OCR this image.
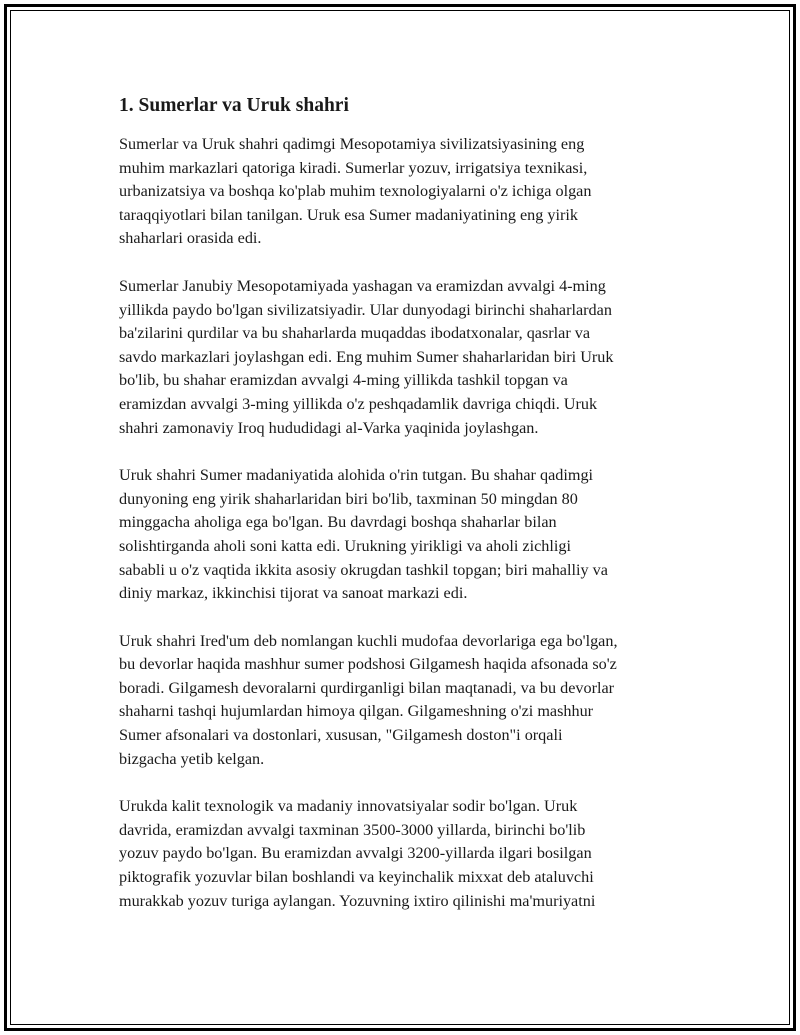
1. Sumerlar va Uruk shahri

Sumerlar va Uruk shahri qadimgi Mesopotamiya sivilizatsiyasining eng
muhim markazlari qatoriga kiradi. Sumerlar yozuv, irrigatsiya texnikasi,
urbanizatsiya va boshqa ko'plab muhim texnologiyalarni o'z ichiga olgan
taraqqiyotlari bilan tanilgan. Uruk esa Sumer madaniyatining eng yirik
shaharlari orasida edi.

Sumerlar Janubiy Mesopotamiyada yashagan va eramizdan avvalgi 4-ming
yillikda paydo bo'lgan sivilizatsiyadir. Ular dunyodagi birinchi shaharlardan
ba'zilarini qurdilar va bu shaharlarda muqaddas ibodatxonalar, qasrlar va
savdo markazlari joylashgan edi. Eng muhim Sumer shaharlaridan biri Uruk
bo'lib, bu shahar eramizdan avvalgi 4-ming yillikda tashkil topgan va
eramizdan avvalgi 3-ming yillikda o'z peshqadamlik davriga chiqdi. Uruk
shahri zamonaviy Iroq hududidagi al-Varka yaqinida joylashgan.

Uruk shahri Sumer madaniyatida alohida o'rin tutgan. Bu shahar qadimgi
dunyoning eng yirik shaharlaridan biri bo'lib, taxminan 50 mingdan 80
minggacha aholiga ega bo'lgan. Bu davrdagi boshqa shaharlar bilan
solishtirganda aholi soni katta edi. Urukning yirikligi va aholi zichligi
sababli u o'z vaqtida ikkita asosiy okrugdan tashkil topgan; biri mahalliy va
diniy markaz, ikkinchisi tijorat va sanoat markazi edi.

Uruk shahri Ired'um deb nomlangan kuchli mudofaa devorlariga ega bo'lgan,
bu devorlar haqida mashhur sumer podshosi Gilgamesh haqida afsonada so'z
boradi. Gilgamesh devoralarni qurdirganligi bilan maqtanadi, va bu devorlar
shaharni tashqi hujumlardan himoya qilgan. Gilgameshning o'zi mashhur
Sumer afsonalari va dostonlari, xususan, "Gilgamesh doston"i orqali
bizgacha yetib kelgan.

Urukda kalit texnologik va madaniy innovatsiyalar sodir bo'lgan. Uruk
davrida, eramizdan avvalgi taxminan 3500-3000 yillarda, birinchi bo'lib
yozuv paydo bo'lgan. Bu eramizdan avvalgi 3200-yillarda ilgari bosilgan
piktografik yozuvlar bilan boshlandi va keyinchalik mixxat deb ataluvchi
murakkab yozuv turiga aylangan. Yozuvning ixtiro qilinishi ma'muriyatni
